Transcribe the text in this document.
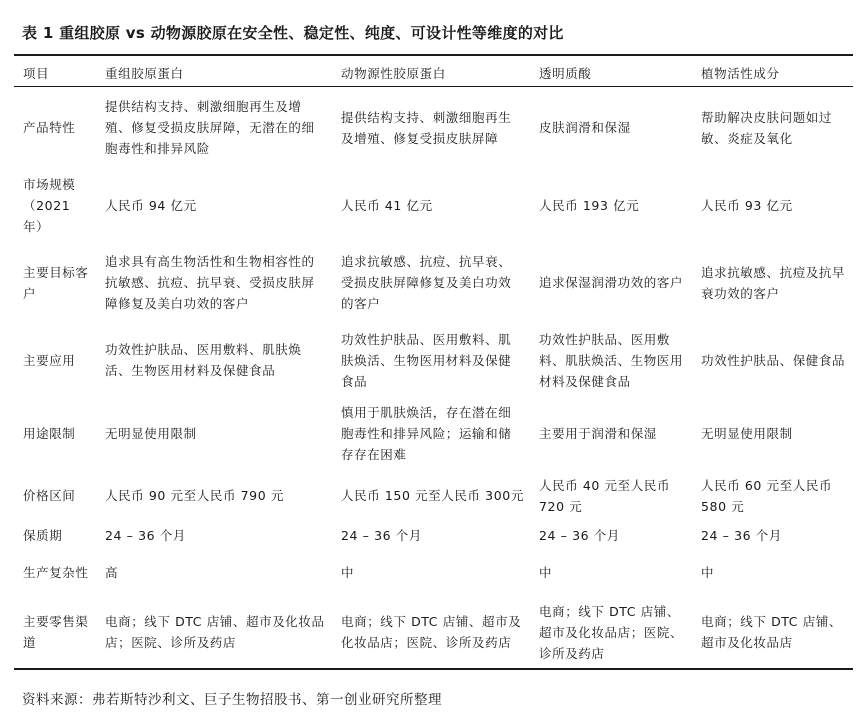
表 1 重组胶原 vs 动物源胶原在安全性、稳定性、纯度、可设计性等维度的对比
项目	重组胶原蛋白	动物源性胶原蛋白	透明质酸	植物活性成分
产品特性	提供结构支持、刺激细胞再生及增殖、修复受损皮肤屏障，无潜在的细胞毒性和排异风险	提供结构支持、刺激细胞再生及增殖、修复受损皮肤屏障	皮肤润滑和保湿	帮助解决皮肤问题如过敏、炎症及氧化
市场规模（2021年）	人民币 94 亿元	人民币 41 亿元	人民币 193 亿元	人民币 93 亿元
主要目标客户	追求具有高生物活性和生物相容性的抗敏感、抗痘、抗早衰、受损皮肤屏障修复及美白功效的客户	追求抗敏感、抗痘、抗早衰、受损皮肤屏障修复及美白功效的客户	追求保湿润滑功效的客户	追求抗敏感、抗痘及抗早衰功效的客户
主要应用	功效性护肤品、医用敷料、肌肤焕活、生物医用材料及保健食品	功效性护肤品、医用敷料、肌肤焕活、生物医用材料及保健食品	功效性护肤品、医用敷料、肌肤焕活、生物医用材料及保健食品	功效性护肤品、保健食品
用途限制	无明显使用限制	慎用于肌肤焕活，存在潜在细胞毒性和排异风险；运输和储存存在困难	主要用于润滑和保湿	无明显使用限制
价格区间	人民币 90 元至人民币 790 元	人民币 150 元至人民币 300元	人民币 40 元至人民币720 元	人民币 60 元至人民币580 元
保质期	24 – 36 个月	24 – 36 个月	24 – 36 个月	24 – 36 个月
生产复杂性	高	中	中	中
主要零售渠道	电商；线下 DTC 店铺、超市及化妆品店；医院、诊所及药店	电商；线下 DTC 店铺、超市及化妆品店；医院、诊所及药店	电商；线下 DTC 店铺、超市及化妆品店；医院、诊所及药店	电商；线下 DTC 店铺、超市及化妆品店
资料来源：弗若斯特沙利文、巨子生物招股书、第一创业研究所整理
